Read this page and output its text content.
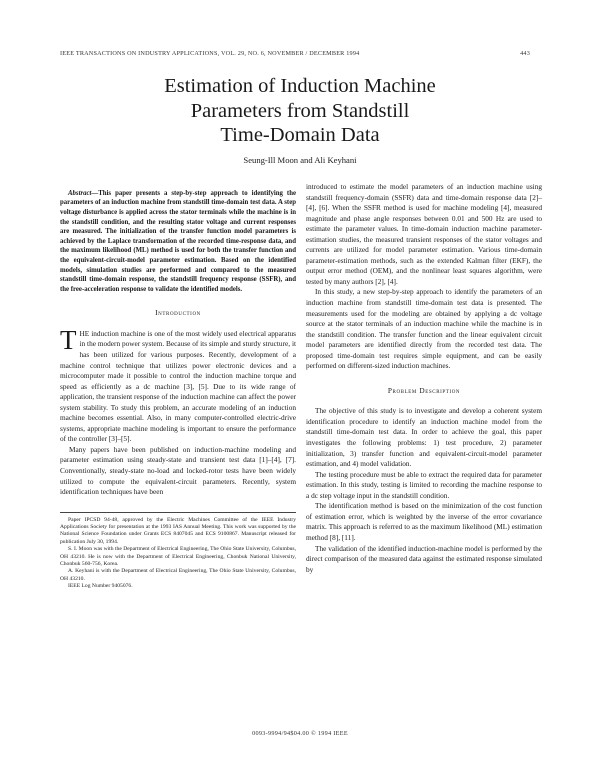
IEEE TRANSACTIONS ON INDUSTRY APPLICATIONS, VOL. 29, NO. 6, NOVEMBER / DECEMBER 1994	443
Estimation of Induction Machine
Parameters from Standstill
Time-Domain Data
Seung-Ill Moon and Ali Keyhani

Abstract—This paper presents a step-by-step approach to identifying the parameters of an induction machine from standstill time-domain test data. A step voltage disturbance is applied across the stator terminals while the machine is in the standstill condition, and the resulting stator voltage and current responses are measured. The initialization of the transfer function model parameters is achieved by the Laplace transformation of the recorded time-response data, and the maximum likelihood (ML) method is used for both the transfer function and the equivalent-circuit-model parameter estimation. Based on the identified models, simulation studies are performed and compared to the measured standstill time-domain response, the standstill frequency response (SSFR), and the free-acceleration response to validate the identified models.

Introduction

THE induction machine is one of the most widely used electrical apparatus in the modern power system. Because of its simple and sturdy structure, it has been utilized for various purposes. Recently, development of a machine control technique that utilizes power electronic devices and a microcomputer made it possible to control the induction machine torque and speed as efficiently as a dc machine [3], [5]. Due to its wide range of application, the transient response of the induction machine can affect the power system stability. To study this problem, an accurate modeling of an induction machine becomes essential. Also, in many computer-controlled electric-drive systems, appropriate machine modeling is important to ensure the performance of the controller [3]–[5].

Many papers have been published on induction-machine modeling and parameter estimation using steady-state and transient test data [1]–[4], [7]. Conventionally, steady-state no-load and locked-rotor tests have been widely utilized to compute the equivalent-circuit parameters. Recently, system identification techniques have been

Paper IPCSD 94-48, approved by the Electric Machines Committee of the IEEE Industry Applications Society for presentation at the 1993 IAS Annual Meeting. This work was supported by the National Science Foundation under Grants ECS 8407045 and ECS 9100867. Manuscript released for publication July 30, 1994.

S. I. Moon was with the Department of Electrical Engineering, The Ohio State University, Columbus, OH 43210. He is now with the Department of Electrical Engineering, Chonbuk National University, Chonbuk 560-756, Korea.

A. Keyhani is with the Department of Electrical Engineering, The Ohio State University, Columbus, OH 43210.

IEEE Log Number 9405076.

introduced to estimate the model parameters of an induction machine using standstill frequency-domain (SSFR) data and time-domain response data [2]–[4], [6]. When the SSFR method is used for machine modeling [4], measured magnitude and phase angle responses between 0.01 and 500 Hz are used to estimate the parameter values. In time-domain induction machine parameter-estimation studies, the measured transient responses of the stator voltages and currents are utilized for model parameter estimation. Various time-domain parameter-estimation methods, such as the extended Kalman filter (EKF), the output error method (OEM), and the nonlinear least squares algorithm, were tested by many authors [2], [4].

In this study, a new step-by-step approach to identify the parameters of an induction machine from standstill time-domain test data is presented. The measurements used for the modeling are obtained by applying a dc voltage source at the stator terminals of an induction machine while the machine is in the standstill condition. The transfer function and the linear equivalent circuit model parameters are identified directly from the recorded test data. The proposed time-domain test requires simple equipment, and can be easily performed on different-sized induction machines.

Problem Description

The objective of this study is to investigate and develop a coherent system identification procedure to identify an induction machine model from the standstill time-domain test data. In order to achieve the goal, this paper investigates the following problems: 1) test procedure, 2) parameter initialization, 3) transfer function and equivalent-circuit-model parameter estimation, and 4) model validation.

The testing procedure must be able to extract the required data for parameter estimation. In this study, testing is limited to recording the machine response to a dc step voltage input in the standstill condition.

The identification method is based on the minimization of the cost function of estimation error, which is weighted by the inverse of the error covariance matrix. This approach is referred to as the maximum likelihood (ML) estimation method [8], [11].

The validation of the identified induction-machine model is performed by the direct comparison of the measured data against the estimated response simulated by

0093-9994/94$04.00 © 1994 IEEE
